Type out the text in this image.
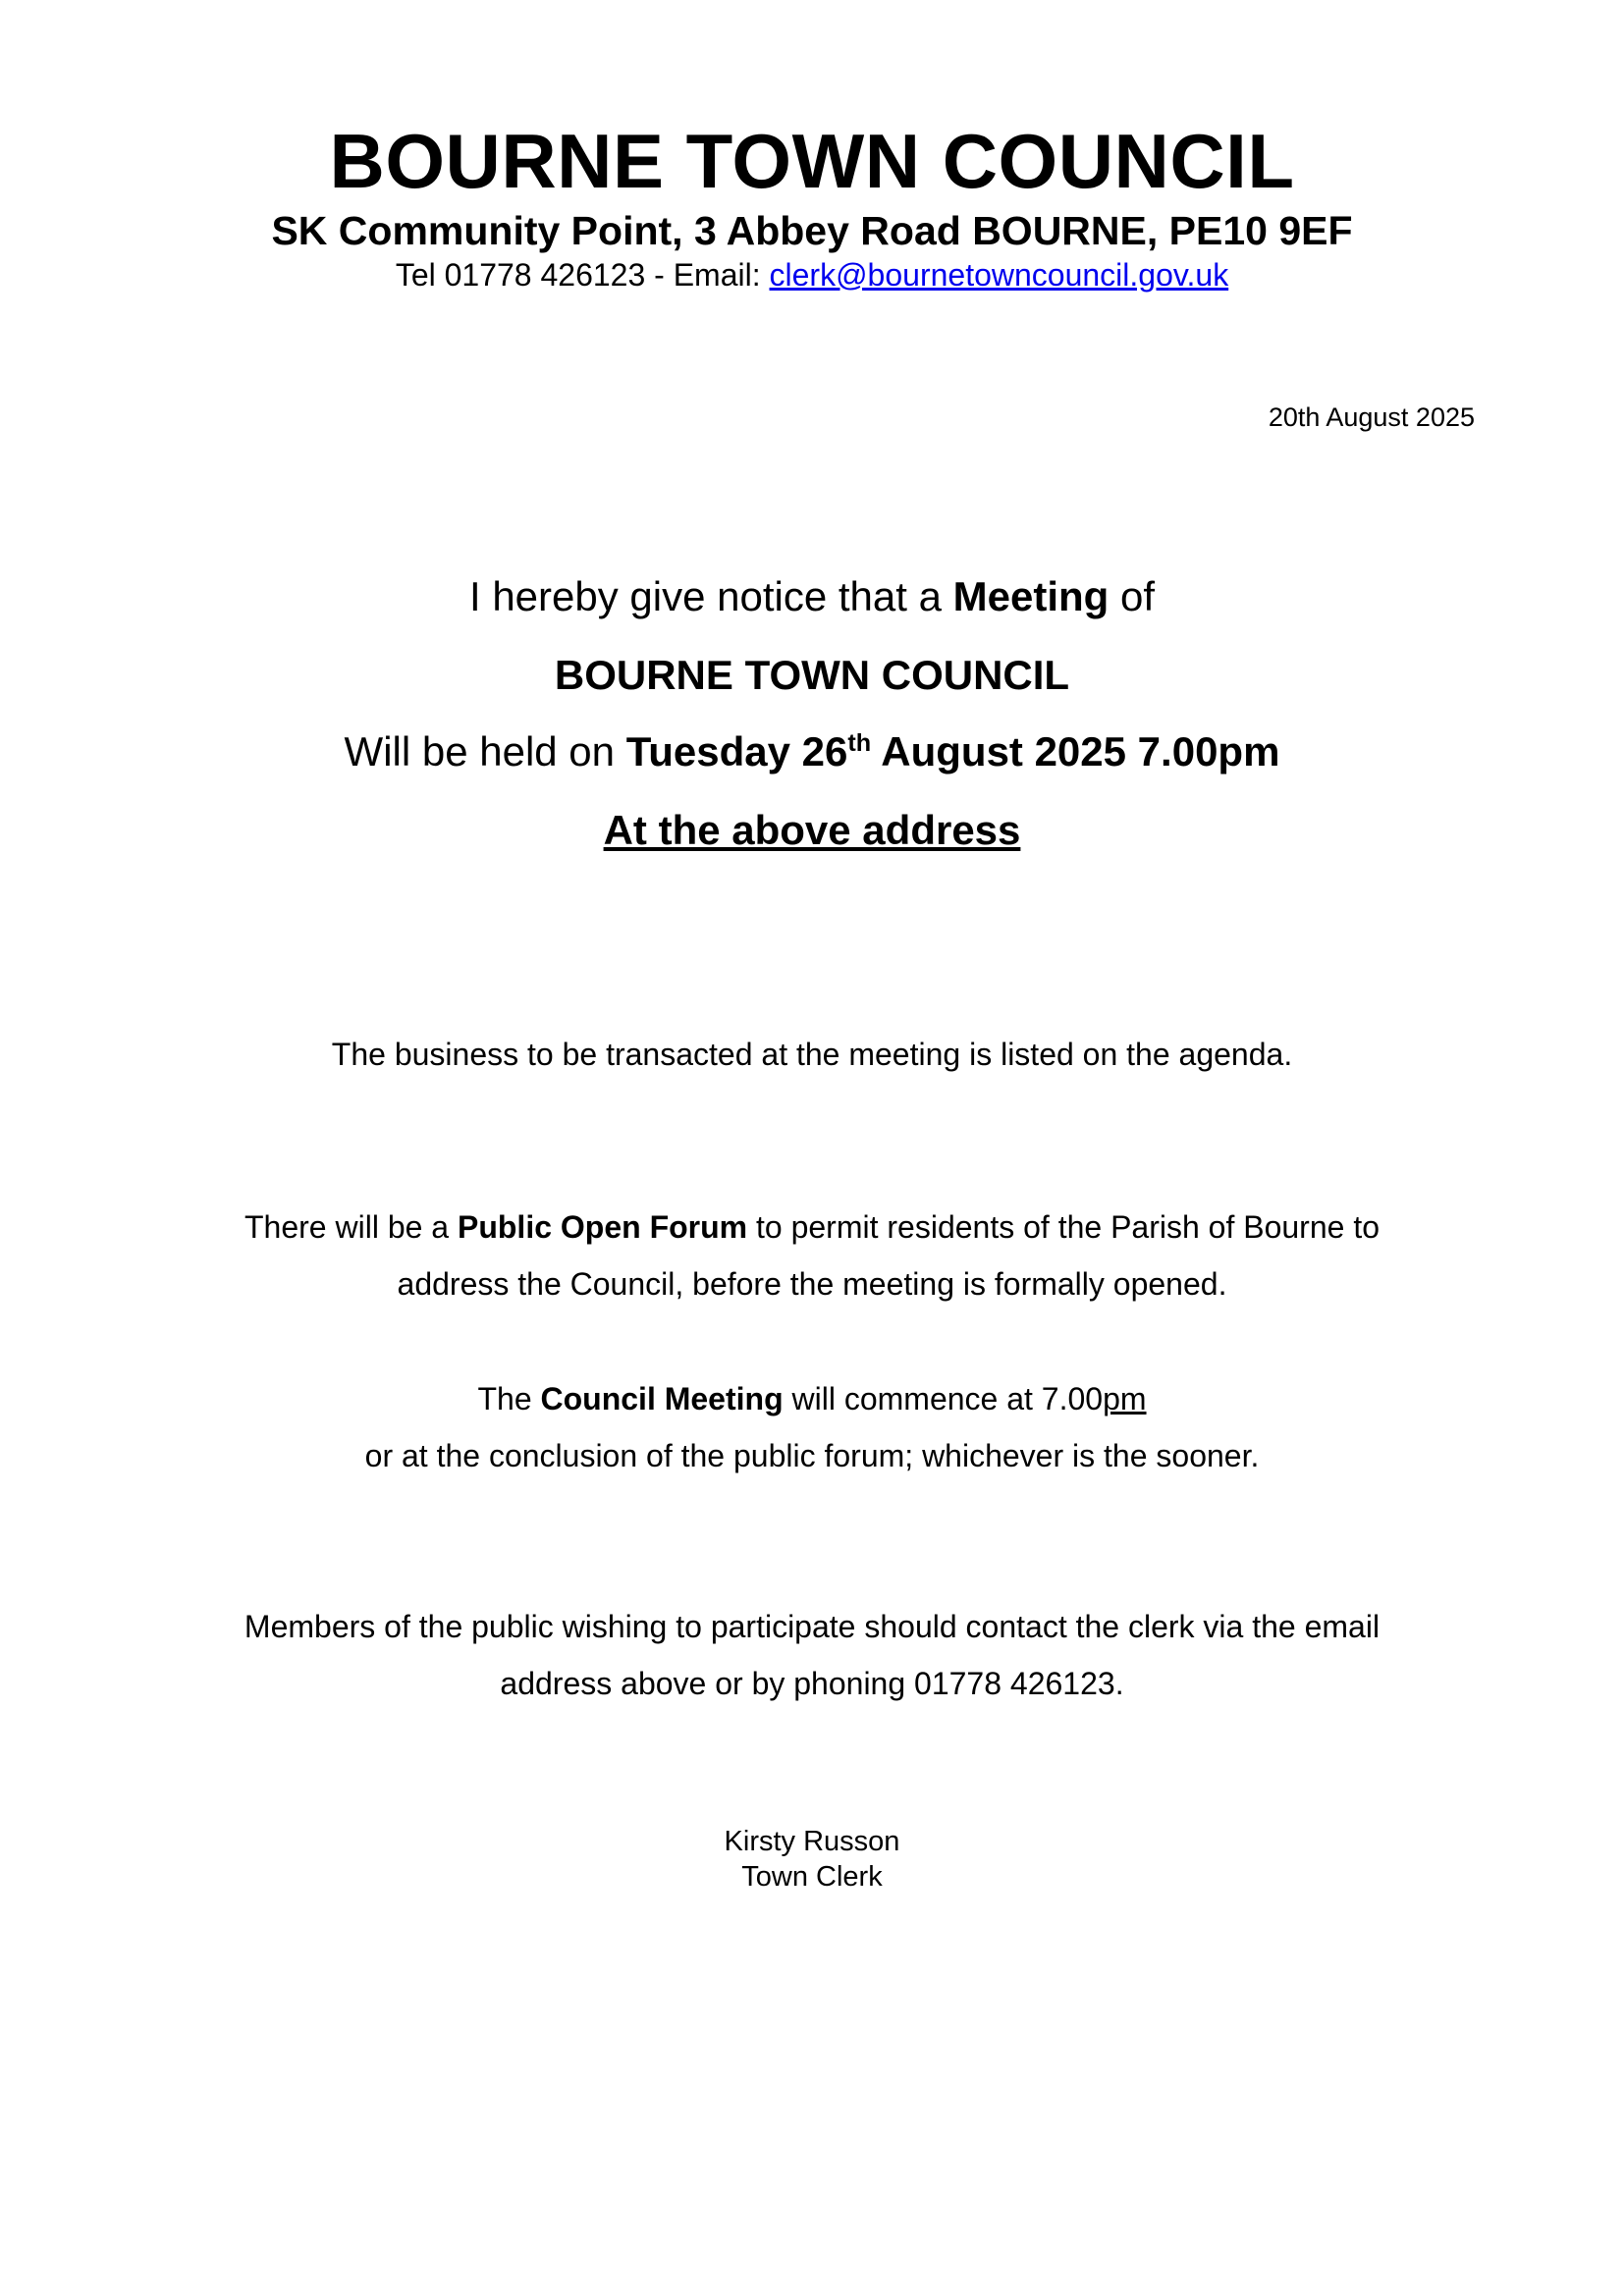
BOURNE TOWN COUNCIL
SK Community Point, 3 Abbey Road BOURNE, PE10 9EF
Tel 01778 426123 - Email: clerk@bournetowncouncil.gov.uk
20th August 2025
I hereby give notice that a Meeting of
BOURNE TOWN COUNCIL
Will be held on Tuesday 26th August 2025 7.00pm
At the above address
The business to be transacted at the meeting is listed on the agenda.
There will be a Public Open Forum to permit residents of the Parish of Bourne to
address the Council, before the meeting is formally opened.
The Council Meeting will commence at 7.00pm
or at the conclusion of the public forum; whichever is the sooner.
Members of the public wishing to participate should contact the clerk via the email
address above or by phoning 01778 426123.
Kirsty Russon
Town Clerk
